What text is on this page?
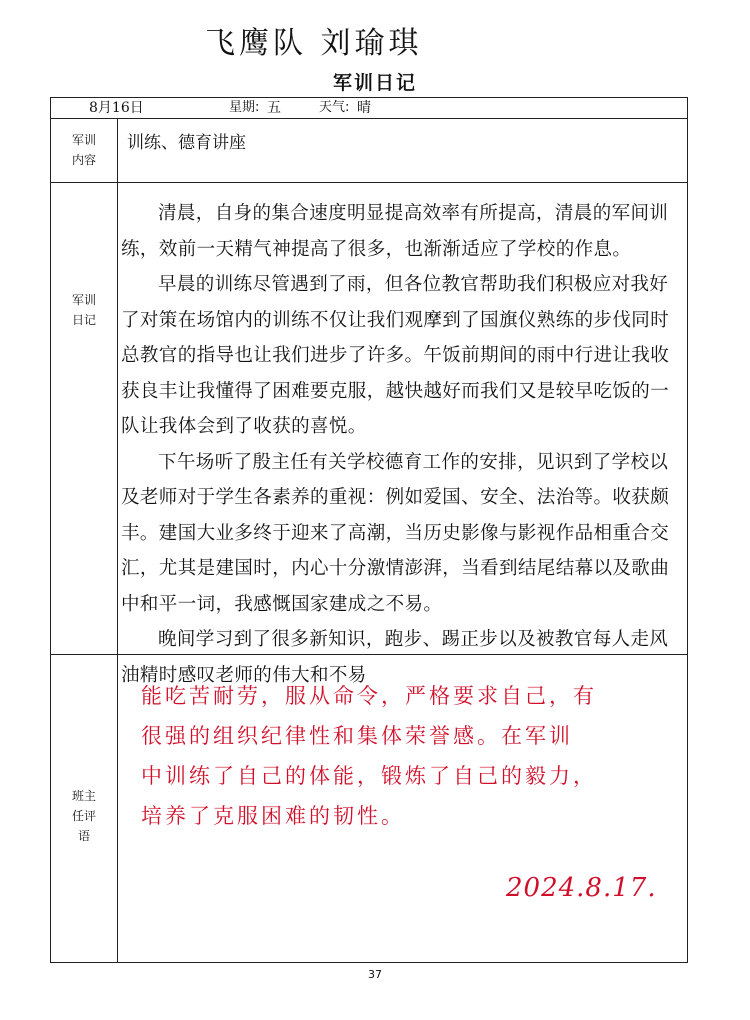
飞鹰队 刘瑜琪
军训日记
8月16日	星期: 五	天气: 晴
军训内容
训练、德育讲座
军训日记

清晨，自身的集合速度明显提高效率有所提高，清晨的军间训练，效前一天精气神提高了很多，也渐渐适应了学校的作息。

早晨的训练尽管遇到了雨，但各位教官帮助我们积极应对我好了对策在场馆内的训练不仅让我们观摩到了国旗仪熟练的步伐同时总教官的指导也让我们进步了许多。午饭前期间的雨中行进让我收获良丰让我懂得了困难要克服，越快越好而我们又是较早吃饭的一队让我体会到了收获的喜悦。

下午场听了殷主任有关学校德育工作的安排，见识到了学校以及老师对于学生各素养的重视：例如爱国、安全、法治等。收获颇丰。建国大业多终于迎来了高潮，当历史影像与影视作品相重合交汇，尤其是建国时，内心十分激情澎湃，当看到结尾结幕以及歌曲中和平一词，我感慨国家建成之不易。

晚间学习到了很多新知识，跑步、踢正步以及被教官每人走风油精时感叹老师的伟大和不易

班主任评语

能吃苦耐劳，服从命令，严格要求自己，有

很强的组织纪律性和集体荣誉感。在军训

中训练了自己的体能，锻炼了自己的毅力，

培养了克服困难的韧性。

2024.8.17.
37
